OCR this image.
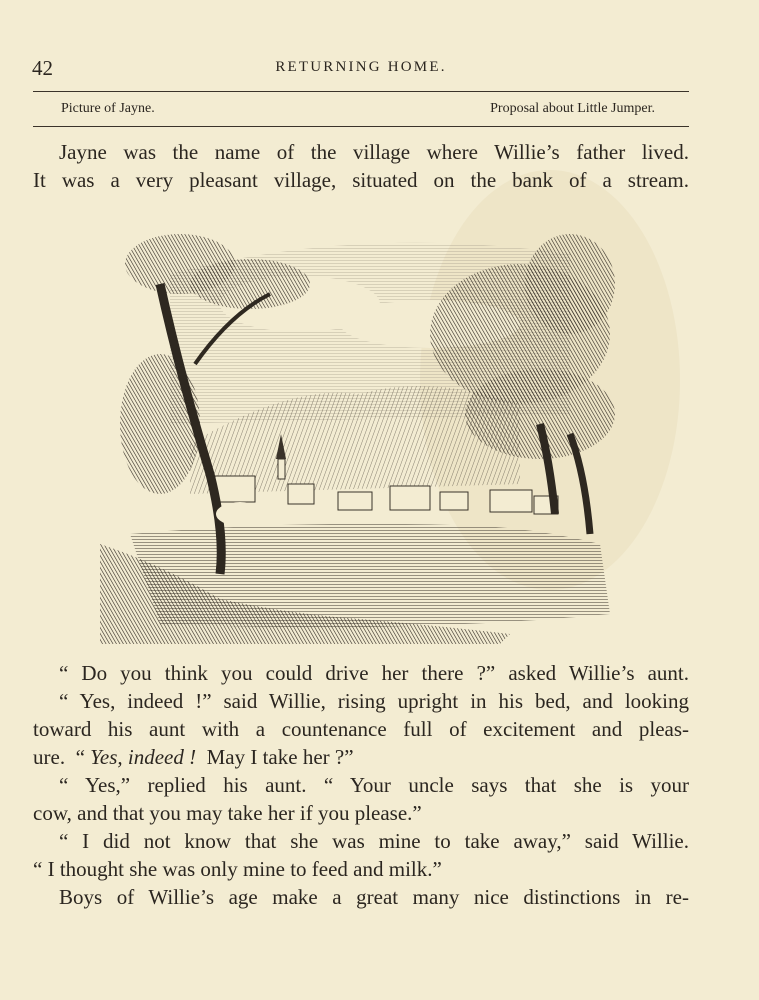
42	RETURNING HOME.
Picture of Jayne.	Proposal about Little Jumper.
Jayne was the name of the village where Willie’s father lived.
It was a very pleasant village, situated on the bank of a stream.
“ Do you think you could drive her there ?” asked Willie’s aunt.
“ Yes, indeed !” said Willie, rising upright in his bed, and looking
toward his aunt with a countenance full of excitement and pleas-
ure.  “ Yes, indeed !  May I take her ?”
“ Yes,” replied his aunt. “ Your uncle says that she is your
cow, and that you may take her if you please.”
“ I did not know that she was mine to take away,” said Willie.
“ I thought she was only mine to feed and milk.”
Boys of Willie’s age make a great many nice distinctions in re-
